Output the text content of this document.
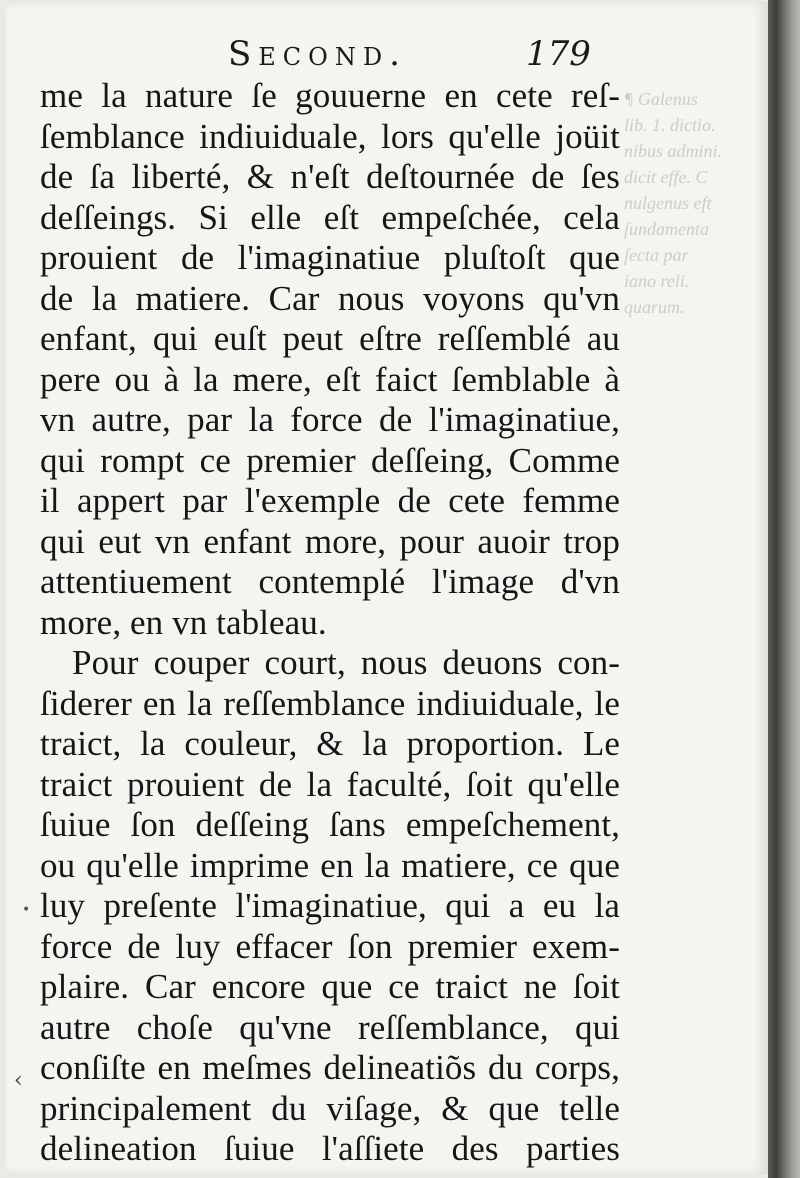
Second.	179
¶ Galenus
lib. 1. dictio.
nibus admini.
dicit effe. C
nulgenus eft
ſundamenta
ſecta par
iano reli.
quarum.
me la nature ſe gouuerne en cete reſ-
ſemblance indiuiduale, lors qu'elle joüit
de ſa liberté, & n'eſt deſtournée de ſes
deſſeings. Si elle eſt empeſchée, cela
prouient de l'imaginatiue pluſtoſt que
de la matiere. Car nous voyons qu'vn
enfant, qui euſt peut eſtre reſſemblé au
pere ou à la mere, eſt faict ſemblable à
vn autre, par la force de l'imaginatiue,
qui rompt ce premier deſſeing, Comme
il appert par l'exemple de cete femme
qui eut vn enfant more, pour auoir trop
attentiuement contemplé l'image d'vn
more, en vn tableau.
Pour couper court, nous deuons con-
ſiderer en la reſſemblance indiuiduale, le
traict, la couleur, & la proportion. Le
traict prouient de la faculté, ſoit qu'elle
ſuiue ſon deſſeing ſans empeſchement,
ou qu'elle imprime en la matiere, ce que
luy preſente l'imaginatiue, qui a eu la
force de luy effacer ſon premier exem-
plaire. Car encore que ce traict ne ſoit
autre choſe qu'vne reſſemblance, qui
conſiſte en meſmes delineatiõs du corps,
principalement du viſage, & que telle
delineation ſuiue l'aſſiete des parties
‹
•
